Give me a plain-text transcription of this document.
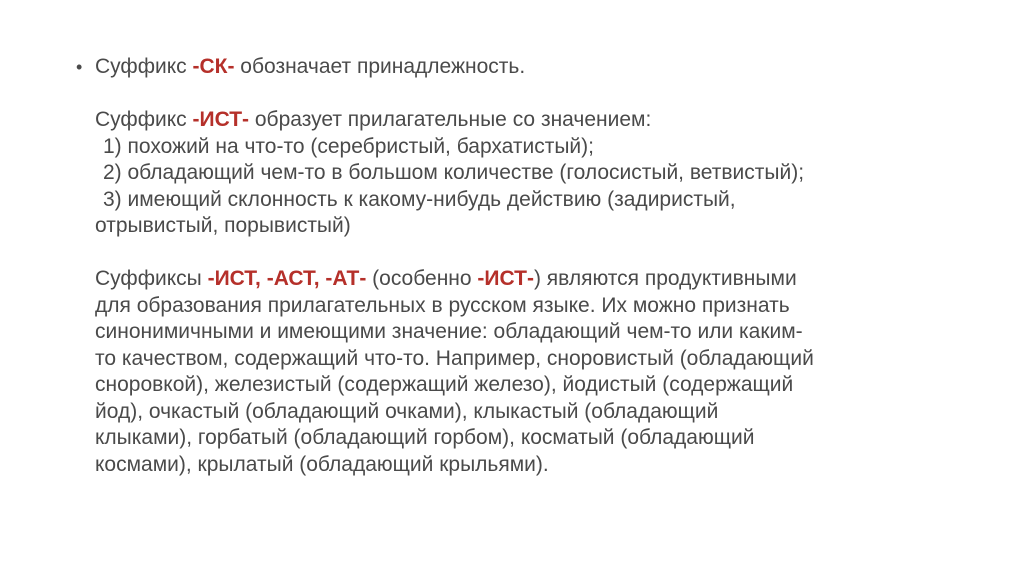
• Суффикс -СК- обозначает принадлежность.
Суффикс -ИСТ- образует прилагательные со значением:
1) похожий на что-то (серебристый, бархатистый);
2) обладающий чем-то в большом количестве (голосистый, ветвистый);
3) имеющий склонность к какому-нибудь действию (задиристый,
отрывистый, порывистый)
Суффиксы -ИСТ, -АСТ, -АТ- (особенно -ИСТ-) являются продуктивными
для образования прилагательных в русском языке. Их можно признать
синонимичными и имеющими значение: обладающий чем-то или каким-
то качеством, содержащий что-то. Например, сноровистый (обладающий
сноровкой), железистый (содержащий железо), йодистый (содержащий
йод), очкастый (обладающий очками), клыкастый (обладающий
клыками), горбатый (обладающий горбом), косматый (обладающий
космами), крылатый (обладающий крыльями).
